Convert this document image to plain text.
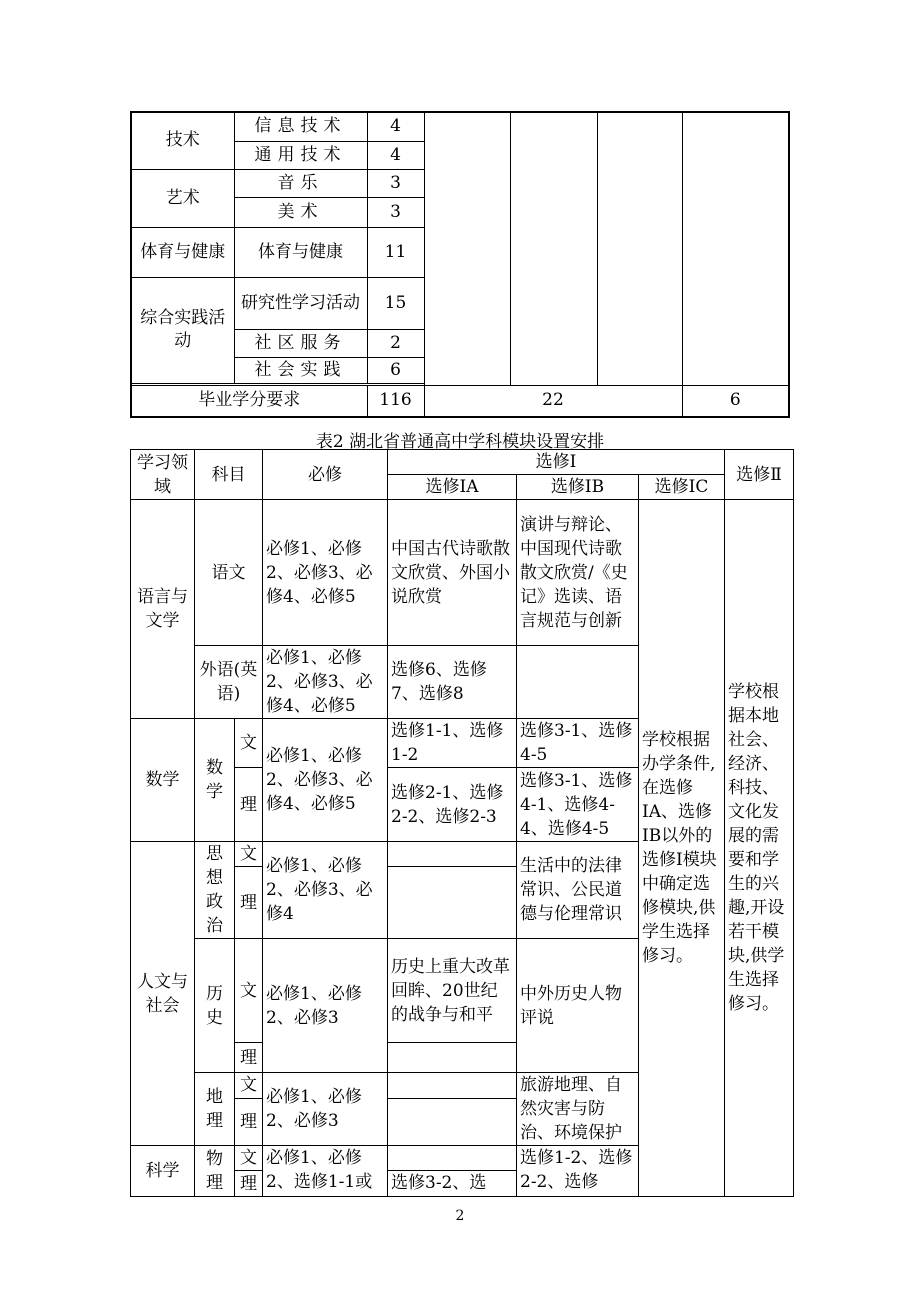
技术	信息技术	4				
	通用技术	4				
艺术	音乐	3				
	美术	3				
体育与健康	体育与健康	11				
综合实践活动	研究性学习活动	15				
	社区服务	2				
	社会实践	6				

毕业学分要求		116	22			6
表2 湖北省普通高中学科模块设置安排
学习领域	科目		必修	选修Ⅰ			选修Ⅱ
				选修ⅠA	选修ⅠB	选修ⅠC	
语言与文学	语文		必修1、必修2、必修3、必修4、必修5	中国古代诗歌散文欣赏、外国小说欣赏	演讲与辩论、中国现代诗歌散文欣赏/《史记》选读、语言规范与创新	学校根据办学条件,在选修ⅠA、选修ⅠB以外的选修Ⅰ模块中确定选修模块,供学生选择修习。	学校根据本地社会、经济、科技、文化发展的需要和学生的兴趣,开设若干模块,供学生选择修习。
	外语(英语)		必修1、必修2、必修3、必修4、必修5	选修6、选修7、选修8			
数学	数学	文	必修1、必修2、必修3、必修4、必修5	选修1-1、选修1-2	选修3-1、选修4-5		
		理		选修2-1、选修2-2、选修2-3	选修3-1、选修4-1、选修4-4、选修4-5		
人文与社会	思想政治	文	必修1、必修2、必修3、必修4		生活中的法律常识、公民道德与伦理常识		
		理					
	历史	文	必修1、必修2、必修3	历史上重大改革回眸、20世纪的战争与和平	中外历史人物评说		
		理					
	地理	文	必修1、必修2、必修3		旅游地理、自然灾害与防治、环境保护		
		理					
科学	物理	文	必修1、必修2、选修1-1或		选修1-2、选修2-2、选修		
		理		选修3-2、选			
2
